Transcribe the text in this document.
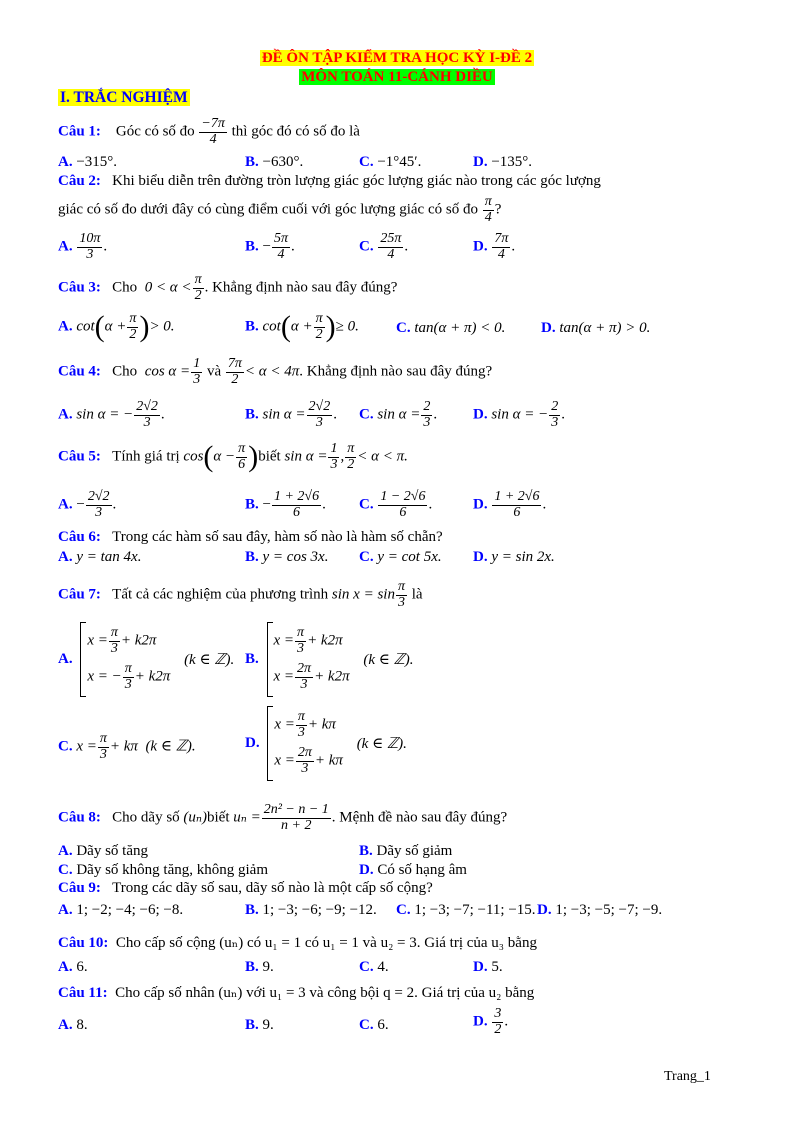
ĐỀ ÔN TẬP KIỂM TRA HỌC KỲ I-ĐỀ 2
MÔN TOÁN 11-CÁNH DIỀU
I. TRẮC NGHIỆM
Câu 1: Góc có số đo $\frac{-7\pi}{4}$ thì góc đó có số đo là
A. −315°.	B. −630°.	C. −1°45′.	D. −135°.
Câu 2: Khi biểu diễn trên đường tròn lượng giác góc lượng giác nào trong các góc lượng
giác có số đo dưới đây có cùng điểm cuối với góc lượng giác có số đo $\frac{\pi}{4}$ ?
A. $\frac{10\pi}{3}$ .	B. − $\frac{5\pi}{4}$ .	C. $\frac{25\pi}{4}$ .	D. $\frac{7\pi}{4}$ .
Câu 3: Cho $0 < \alpha < \frac{\pi}{2}$ . Khẳng định nào sau đây đúng?
A. $\cot(\alpha + \frac{\pi}{2}$ )> 0.	B. $\cot(\alpha + \frac{\pi}{2}$ )≥ 0. C. tan(α + π) < 0. D. tan(α + π) > 0.
Câu 4: Cho $\cos \alpha = \frac{1}{3}$ và $\frac{7\pi}{2} < \alpha < 4\pi$. Khẳng định nào sau đây đúng?
A. sin α = − $\frac{2√2}{3}$ .	B. $\sin \alpha = \frac{2√2}{3}$ . C. $\sin \alpha = \frac{2}{3}$ . D. sin α = − $\frac{2}{3}$ .
Câu 5: Tính giá trị $\cos(\alpha - \frac{\pi}{6}$ )biết $\sin \alpha = \frac{1}{3}$ , $\frac{\pi}{2} < \alpha < \pi$.
A. − $\frac{2√2}{3}$ .	B. − $\frac{1 + 2√6}{6}$ . C. $\frac{1 - 2√6}{6}$ .	D. $\frac{1 + 2√6}{6}$ .
Câu 6: Trong các hàm số sau đây, hàm số nào là hàm số chẵn?
A. y = tan 4x.	B. y = cos 3x. C. y = cot 5x. D. y = sin 2x.
Câu 7: Tất cả các nghiệm của phương trình $\sin x = \sin \frac{\pi}{3}$ là
A.
$x = \frac{\pi}{3} + k2\pi$
x = − $\frac{\pi}{3} + k2\pi$
(k ∈ ℤ). B.
$x = \frac{\pi}{3} + k2\pi$
$x = \frac{2\pi}{3} + k2\pi$
(k ∈ ℤ).
C. $x = \frac{\pi}{3} + k\pi$ (k ∈ ℤ).	D.
$x = \frac{\pi}{3} + k\pi$
$x = \frac{2\pi}{3} + k\pi$
(k ∈ ℤ).
Câu 8: Cho dãy số (uₙ)biết $u_n = \frac{\text{2n² − n − 1}}{n + 2}$ . Mệnh đề nào sau đây đúng?
A. Dãy số tăng	B. Dãy số giảm
C. Dãy số không tăng, không giảm	D. Có số hạng âm
Câu 9: Trong các dãy số sau, dãy số nào là một cấp số cộng?
A. 1; −2; −4; −6; −8.	B. 1; −3; −6; −9; −12. C. 1; −3; −7; −11; −15. D. 1; −3; −5; −7; −9.
Câu 10: Cho cấp số cộng (uₙ) có u₁ = 1 có u₁ = 1 và u₂ = 3. Giá trị của u₃ bằng
A. 6.	B. 9.	C. 4.	D. 5.
Câu 11: Cho cấp số nhân (uₙ) với u₁ = 3 và công bội q = 2. Giá trị của u₂ bằng
A. 8.	B. 9.	C. 6.	D. $\frac{3}{2}$ .
Trang_1
